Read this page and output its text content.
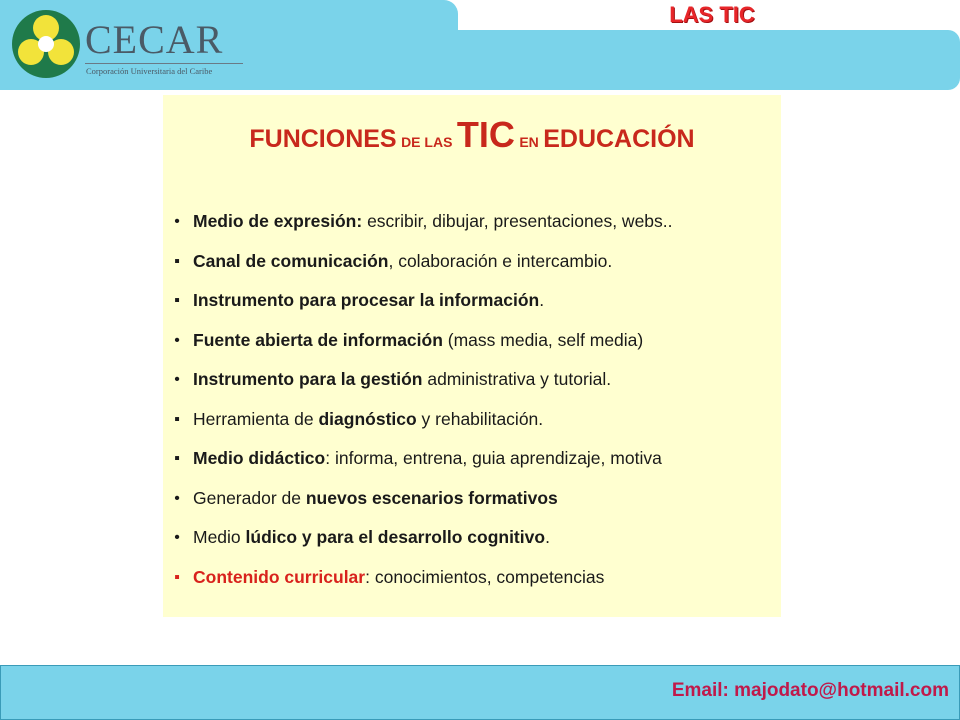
CECAR
Corporación Universitaria del Caribe
LAS TIC
FUNCIONES DE LAS TIC EN EDUCACIÓN
• Medio de expresión: escribir, dibujar, presentaciones, webs..
▪ Canal de comunicación, colaboración e intercambio.
▪ Instrumento para procesar la información.
• Fuente abierta de información (mass media, self media)
• Instrumento para la gestión administrativa y tutorial.
▪ Herramienta de diagnóstico y rehabilitación.
▪ Medio didáctico: informa, entrena, guia aprendizaje, motiva
• Generador de nuevos escenarios formativos
• Medio lúdico y para el desarrollo cognitivo.
▪ Contenido curricular: conocimientos, competencias
Email: majodato@hotmail.com
